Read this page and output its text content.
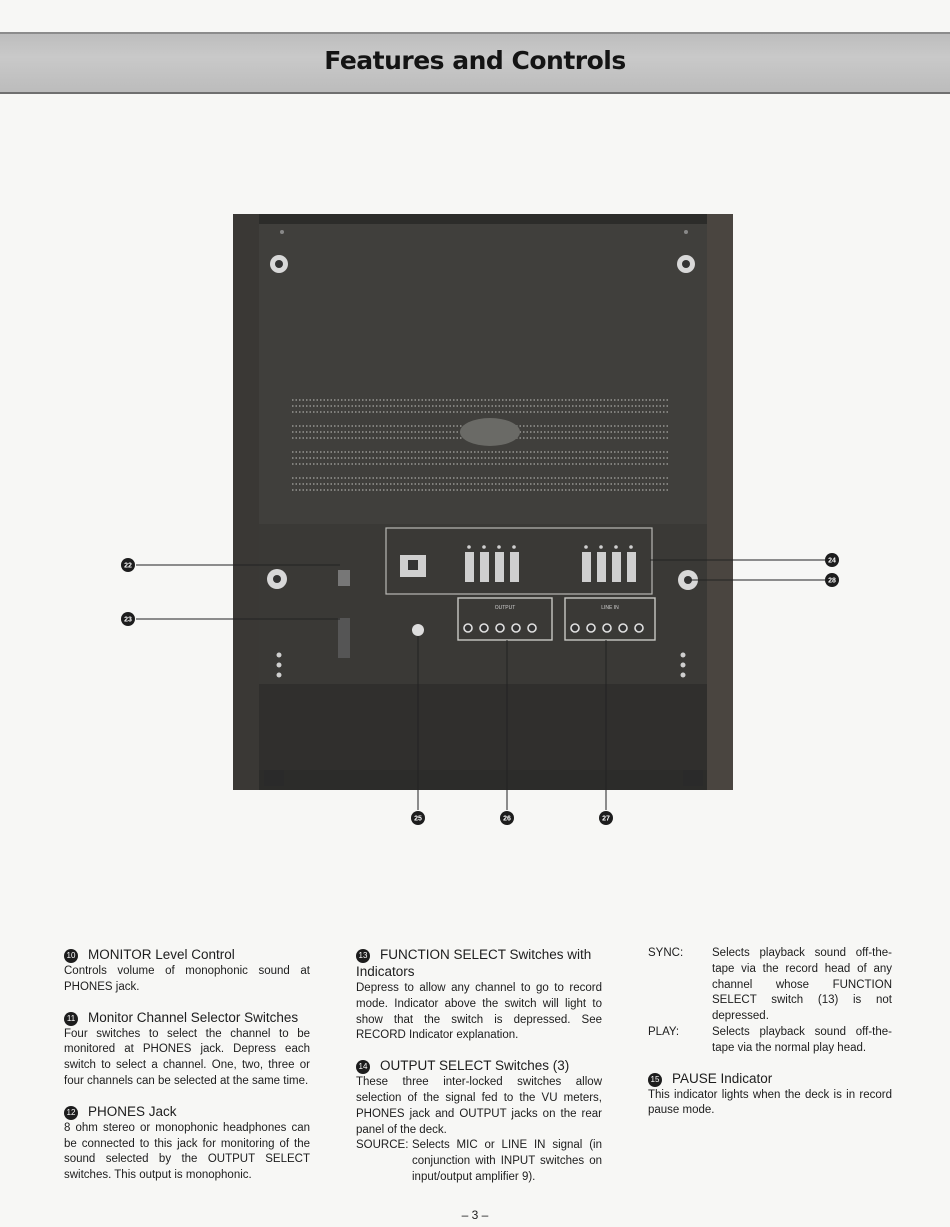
Features and Controls
OUTPUT	LINE IN
22
23
24
28
25	26	27
10 MONITOR Level Control

Controls volume of monophonic sound at PHONES jack.

11 Monitor Channel Selector Switches

Four switches to select the channel to be monitored at PHONES jack. Depress each switch to select a channel. One, two, three or four channels can be selected at the same time.

12 PHONES Jack

8 ohm stereo or monophonic headphones can be connected to this jack for monitoring of the sound selected by the OUTPUT SELECT switches. This output is monophonic.

13 FUNCTION SELECT Switches with Indicators

Depress to allow any channel to go to record mode. Indicator above the switch will light to show that the switch is depressed. See RECORD Indicator explanation.

14 OUTPUT SELECT Switches (3)

These three inter-locked switches allow selection of the signal fed to the VU meters, PHONES jack and OUTPUT jacks on the rear panel of the deck.

SOURCE: Selects MIC or LINE IN signal (in conjunction with INPUT switches on input/output amplifier 9).
SYNC:	Selects playback sound off-the-tape via the record head of any channel whose FUNCTION SELECT switch (13) is not depressed.
PLAY:	Selects playback sound off-the-tape via the normal play head.
15 PAUSE Indicator

This indicator lights when the deck is in record pause mode.

– 3 –
